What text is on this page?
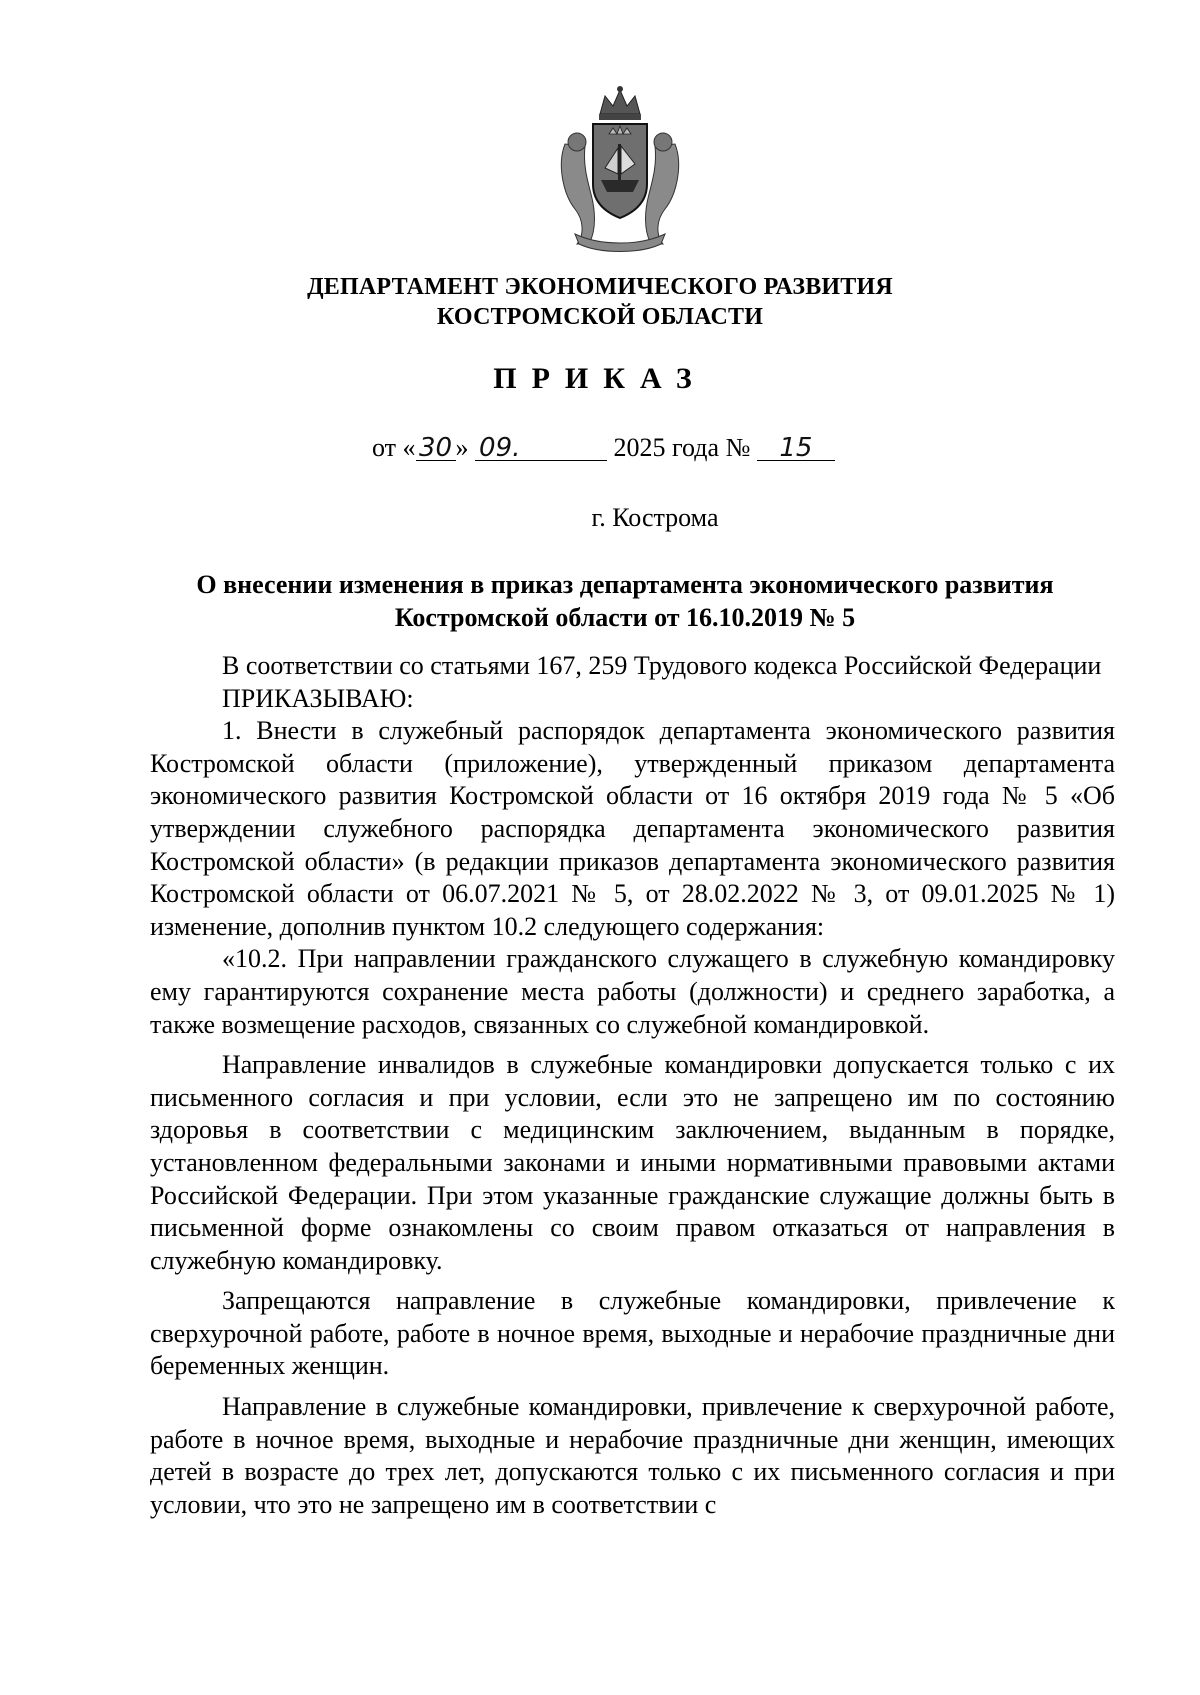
ДЕПАРТАМЕНТ ЭКОНОМИЧЕСКОГО РАЗВИТИЯ
КОСТРОМСКОЙ ОБЛАСТИ
ПРИКАЗ
от « 30 » 09.	2025 года № 15
г. Кострома
О внесении изменения в приказ департамента экономического развития
Костромской области от 16.10.2019 № 5

В соответствии со статьями 167, 259 Трудового кодекса Российской Федерации

ПРИКАЗЫВАЮ:

1. Внести в служебный распорядок департамента экономического развития Костромской области (приложение), утвержденный приказом департамента экономического развития Костромской области от 16 октября 2019 года № 5 «Об утверждении служебного распорядка департамента экономического развития Костромской области» (в редакции приказов департамента экономического развития Костромской области от 06.07.2021 № 5, от 28.02.2022 № 3, от 09.01.2025 № 1) изменение, дополнив пунктом 10.2 следующего содержания:

«10.2. При направлении гражданского служащего в служебную командировку ему гарантируются сохранение места работы (должности) и среднего заработка, а также возмещение расходов, связанных со служебной командировкой.

Направление инвалидов в служебные командировки допускается только с их письменного согласия и при условии, если это не запрещено им по состоянию здоровья в соответствии с медицинским заключением, выданным в порядке, установленном федеральными законами и иными нормативными правовыми актами Российской Федерации. При этом указанные гражданские служащие должны быть в письменной форме ознакомлены со своим правом отказаться от направления в служебную командировку.

Запрещаются направление в служебные командировки, привлечение к сверхурочной работе, работе в ночное время, выходные и нерабочие праздничные дни беременных женщин.

Направление в служебные командировки, привлечение к сверхурочной работе, работе в ночное время, выходные и нерабочие праздничные дни женщин, имеющих детей в возрасте до трех лет, допускаются только с их письменного согласия и при условии, что это не запрещено им в соответствии с
